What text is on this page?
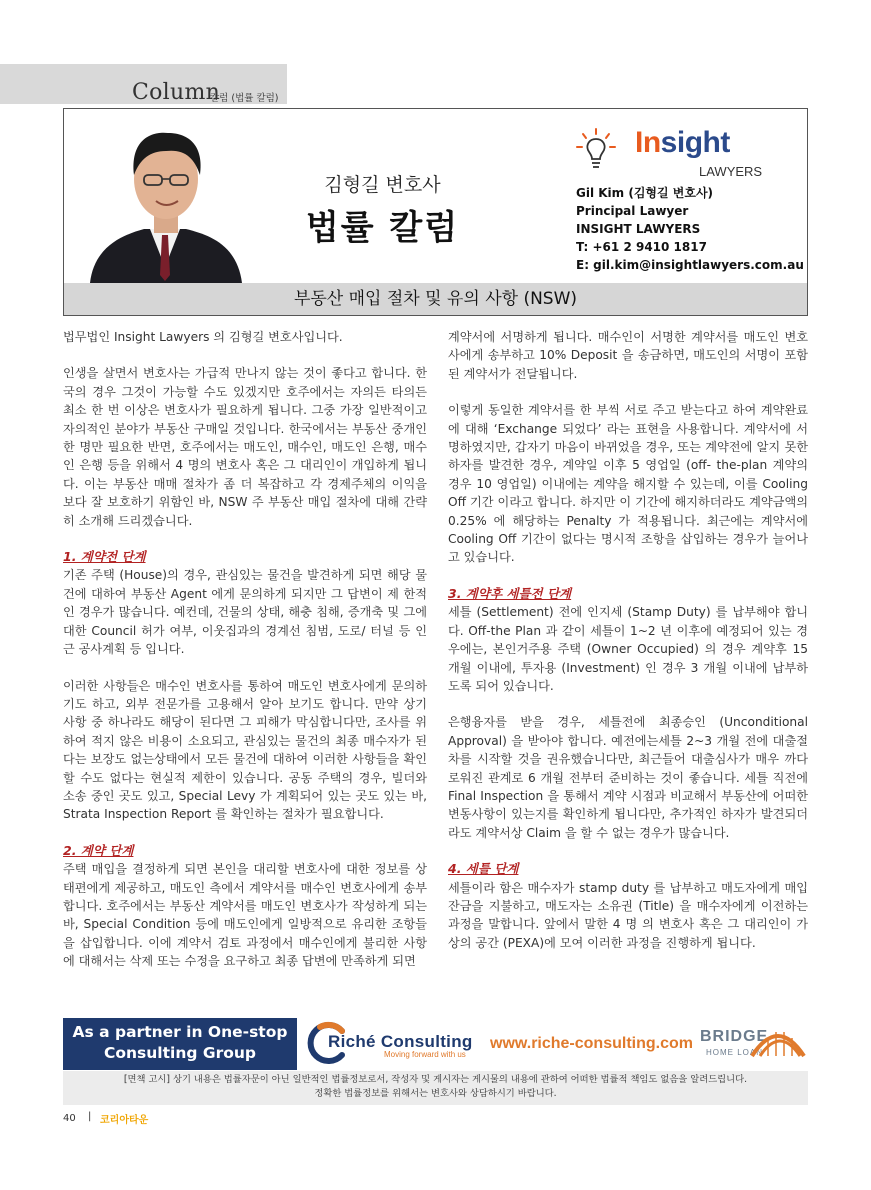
Column
칼럼 (법률 칼럼)
부동산 매입 절차 및 유의 사항 (NSW)
김형길 변호사
법률 칼럼
Insight
LAWYERS
Gil Kim (김형길 변호사)
Principal Lawyer
INSIGHT LAWYERS
T: +61 2 9410 1817
E: gil.kim@insightlawyers.com.au

법무법인 Insight Lawyers 의 김형길 변호사입니다.

인생을 살면서 변호사는 가급적 만나지 않는 것이 좋다고 합니다. 한국의 경우 그것이 가능할 수도 있겠지만 호주에서는 자의든 타의든 최소 한 번 이상은 변호사가 필요하게 됩니다. 그중 가장 일반적이고 자의적인 분야가 부동산 구매일 것입니다. 한국에서는 부동산 중개인 한 명만 필요한 반면, 호주에서는 매도인, 매수인, 매도인 은행, 매수인 은행 등을 위해서 4 명의 변호사 혹은 그 대리인이 개입하게 됩니다. 이는 부동산 매매 절차가 좀 더 복잡하고 각 경제주체의 이익을 보다 잘 보호하기 위함인 바, NSW 주 부동산 매입 절차에 대해 간략히 소개해 드리겠습니다.

1. 계약전 단계

기존 주택 (House)의 경우, 관심있는 물건을 발견하게 되면 해당 물건에 대하여 부동산 Agent 에게 문의하게 되지만 그 답변이 제 한적인 경우가 많습니다. 예컨데, 건물의 상태, 해충 침해, 증개축 및 그에 대한 Council 허가 여부, 이웃집과의 경계선 침범, 도로/ 터널 등 인근 공사계획 등 입니다.

이러한 사항들은 매수인 변호사를 통하여 매도인 변호사에게 문의하기도 하고, 외부 전문가를 고용해서 알아 보기도 합니다. 만약 상기 사항 중 하나라도 해당이 된다면 그 피해가 막심합니다만, 조사를 위하여 적지 않은 비용이 소요되고, 관심있는 물건의 최종 매수자가 된다는 보장도 없는상태에서 모든 물건에 대하여 이러한 사항들을 확인할 수도 없다는 현실적 제한이 있습니다. 공동 주택의 경우, 빌더와 소송 중인 곳도 있고, Special Levy 가 계획되어 있는 곳도 있는 바, Strata Inspection Report 를 확인하는 절차가 필요합니다.

2. 계약 단계

주택 매입을 결정하게 되면 본인을 대리할 변호사에 대한 정보를 상태편에게 제공하고, 매도인 측에서 계약서를 매수인 변호사에게 송부합니다. 호주에서는 부동산 계약서를 매도인 변호사가 작성하게 되는 바, Special Condition 등에 매도인에게 일방적으로 유리한 조항들을 삽입합니다. 이에 계약서 검토 과정에서 매수인에게 불리한 사항에 대해서는 삭제 또는 수정을 요구하고 최종 답변에 만족하게 되면

계약서에 서명하게 됩니다. 매수인이 서명한 계약서를 매도인 변호사에게 송부하고 10% Deposit 을 송금하면, 매도인의 서명이 포함된 계약서가 전달됩니다.

이렇게 동일한 계약서를 한 부씩 서로 주고 받는다고 하여 계약완료에 대해 ‘Exchange 되었다’ 라는 표현을 사용합니다. 계약서에 서명하였지만, 갑자기 마음이 바뀌었을 경우, 또는 계약전에 알지 못한 하자를 발견한 경우, 계약일 이후 5 영업일 (off- the-plan 계약의 경우 10 영업일) 이내에는 계약을 해지할 수 있는데, 이를 Cooling Off 기간 이라고 합니다. 하지만 이 기간에 해지하더라도 계약금액의 0.25% 에 해당하는 Penalty 가 적용됩니다. 최근에는 계약서에 Cooling Off 기간이 없다는 명시적 조항을 삽입하는 경우가 늘어나고 있습니다.

3. 계약후 세틀전 단계

세틀 (Settlement) 전에 인지세 (Stamp Duty) 를 납부해야 합니다. Off-the Plan 과 같이 세틀이 1~2 년 이후에 예정되어 있는 경우에는, 본인거주용 주택 (Owner Occupied) 의 경우 계약후 15 개월 이내에, 투자용 (Investment) 인 경우 3 개월 이내에 납부하도록 되어 있습니다.

은행융자를 받을 경우, 세틀전에 최종승인 (Unconditional Approval) 을 받아야 합니다. 예전에는세틀 2~3 개월 전에 대출절차를 시작할 것을 권유했습니다만, 최근들어 대출심사가 매우 까다로워진 관계로 6 개월 전부터 준비하는 것이 좋습니다. 세틀 직전에 Final Inspection 을 통해서 계약 시점과 비교해서 부동산에 어떠한 변동사항이 있는지를 확인하게 됩니다만, 추가적인 하자가 발견되더라도 계약서상 Claim 을 할 수 없는 경우가 많습니다.

4. 세틀 단계

세틀이라 함은 매수자가 stamp duty 를 납부하고 매도자에게 매입 잔금을 지불하고, 매도자는 소유권 (Title) 을 매수자에게 이전하는 과정을 말합니다. 앞에서 말한 4 명 의 변호사 혹은 그 대리인이 가상의 공간 (PEXA)에 모여 이러한 과정을 진행하게 됩니다.

As a partner in One-stop
Consulting Group
Riché Consulting
Moving forward with us
www.riche-consulting.com BRIDGE
HOME LOAN
[면책 고시] 상기 내용은 법률자문이 아닌 일반적인 법률정보로서, 작성자 및 게시자는 게시물의 내용에 관하여 어떠한 법률적 책임도 없음을 알려드립니다.
정확한 법률정보를 위해서는 변호사와 상담하시기 바랍니다.
40 | 코리아타운
